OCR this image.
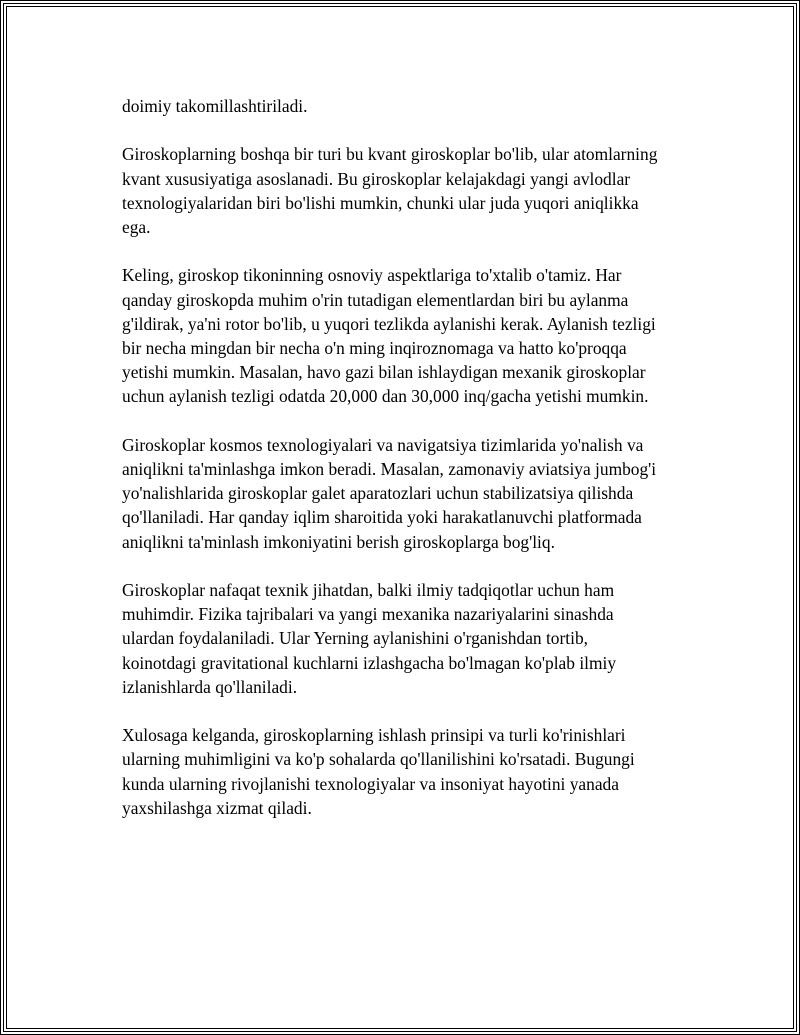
doimiy takomillashtiriladi.

Giroskoplarning boshqa bir turi bu kvant giroskoplar bo'lib, ular atomlarning
kvant xususiyatiga asoslanadi. Bu giroskoplar kelajakdagi yangi avlodlar
texnologiyalaridan biri bo'lishi mumkin, chunki ular juda yuqori aniqlikka
ega.

Keling, giroskop tikoninning osnoviy aspektlariga to'xtalib o'tamiz. Har
qanday giroskopda muhim o'rin tutadigan elementlardan biri bu aylanma
g'ildirak, ya'ni rotor bo'lib, u yuqori tezlikda aylanishi kerak. Aylanish tezligi
bir necha mingdan bir necha o'n ming inqiroznomaga va hatto ko'proqqa
yetishi mumkin. Masalan, havo gazi bilan ishlaydigan mexanik giroskoplar
uchun aylanish tezligi odatda 20,000 dan 30,000 inq/gacha yetishi mumkin.

Giroskoplar kosmos texnologiyalari va navigatsiya tizimlarida yo'nalish va
aniqlikni ta'minlashga imkon beradi. Masalan, zamonaviy aviatsiya jumbog'i
yo'nalishlarida giroskoplar galet aparatozlari uchun stabilizatsiya qilishda
qo'llaniladi. Har qanday iqlim sharoitida yoki harakatlanuvchi platformada
aniqlikni ta'minlash imkoniyatini berish giroskoplarga bog'liq.

Giroskoplar nafaqat texnik jihatdan, balki ilmiy tadqiqotlar uchun ham
muhimdir. Fizika tajribalari va yangi mexanika nazariyalarini sinashda
ulardan foydalaniladi. Ular Yerning aylanishini o'rganishdan tortib,
koinotdagi gravitational kuchlarni izlashgacha bo'lmagan ko'plab ilmiy
izlanishlarda qo'llaniladi.

Xulosaga kelganda, giroskoplarning ishlash prinsipi va turli ko'rinishlari
ularning muhimligini va ko'p sohalarda qo'llanilishini ko'rsatadi. Bugungi
kunda ularning rivojlanishi texnologiyalar va insoniyat hayotini yanada
yaxshilashga xizmat qiladi.
